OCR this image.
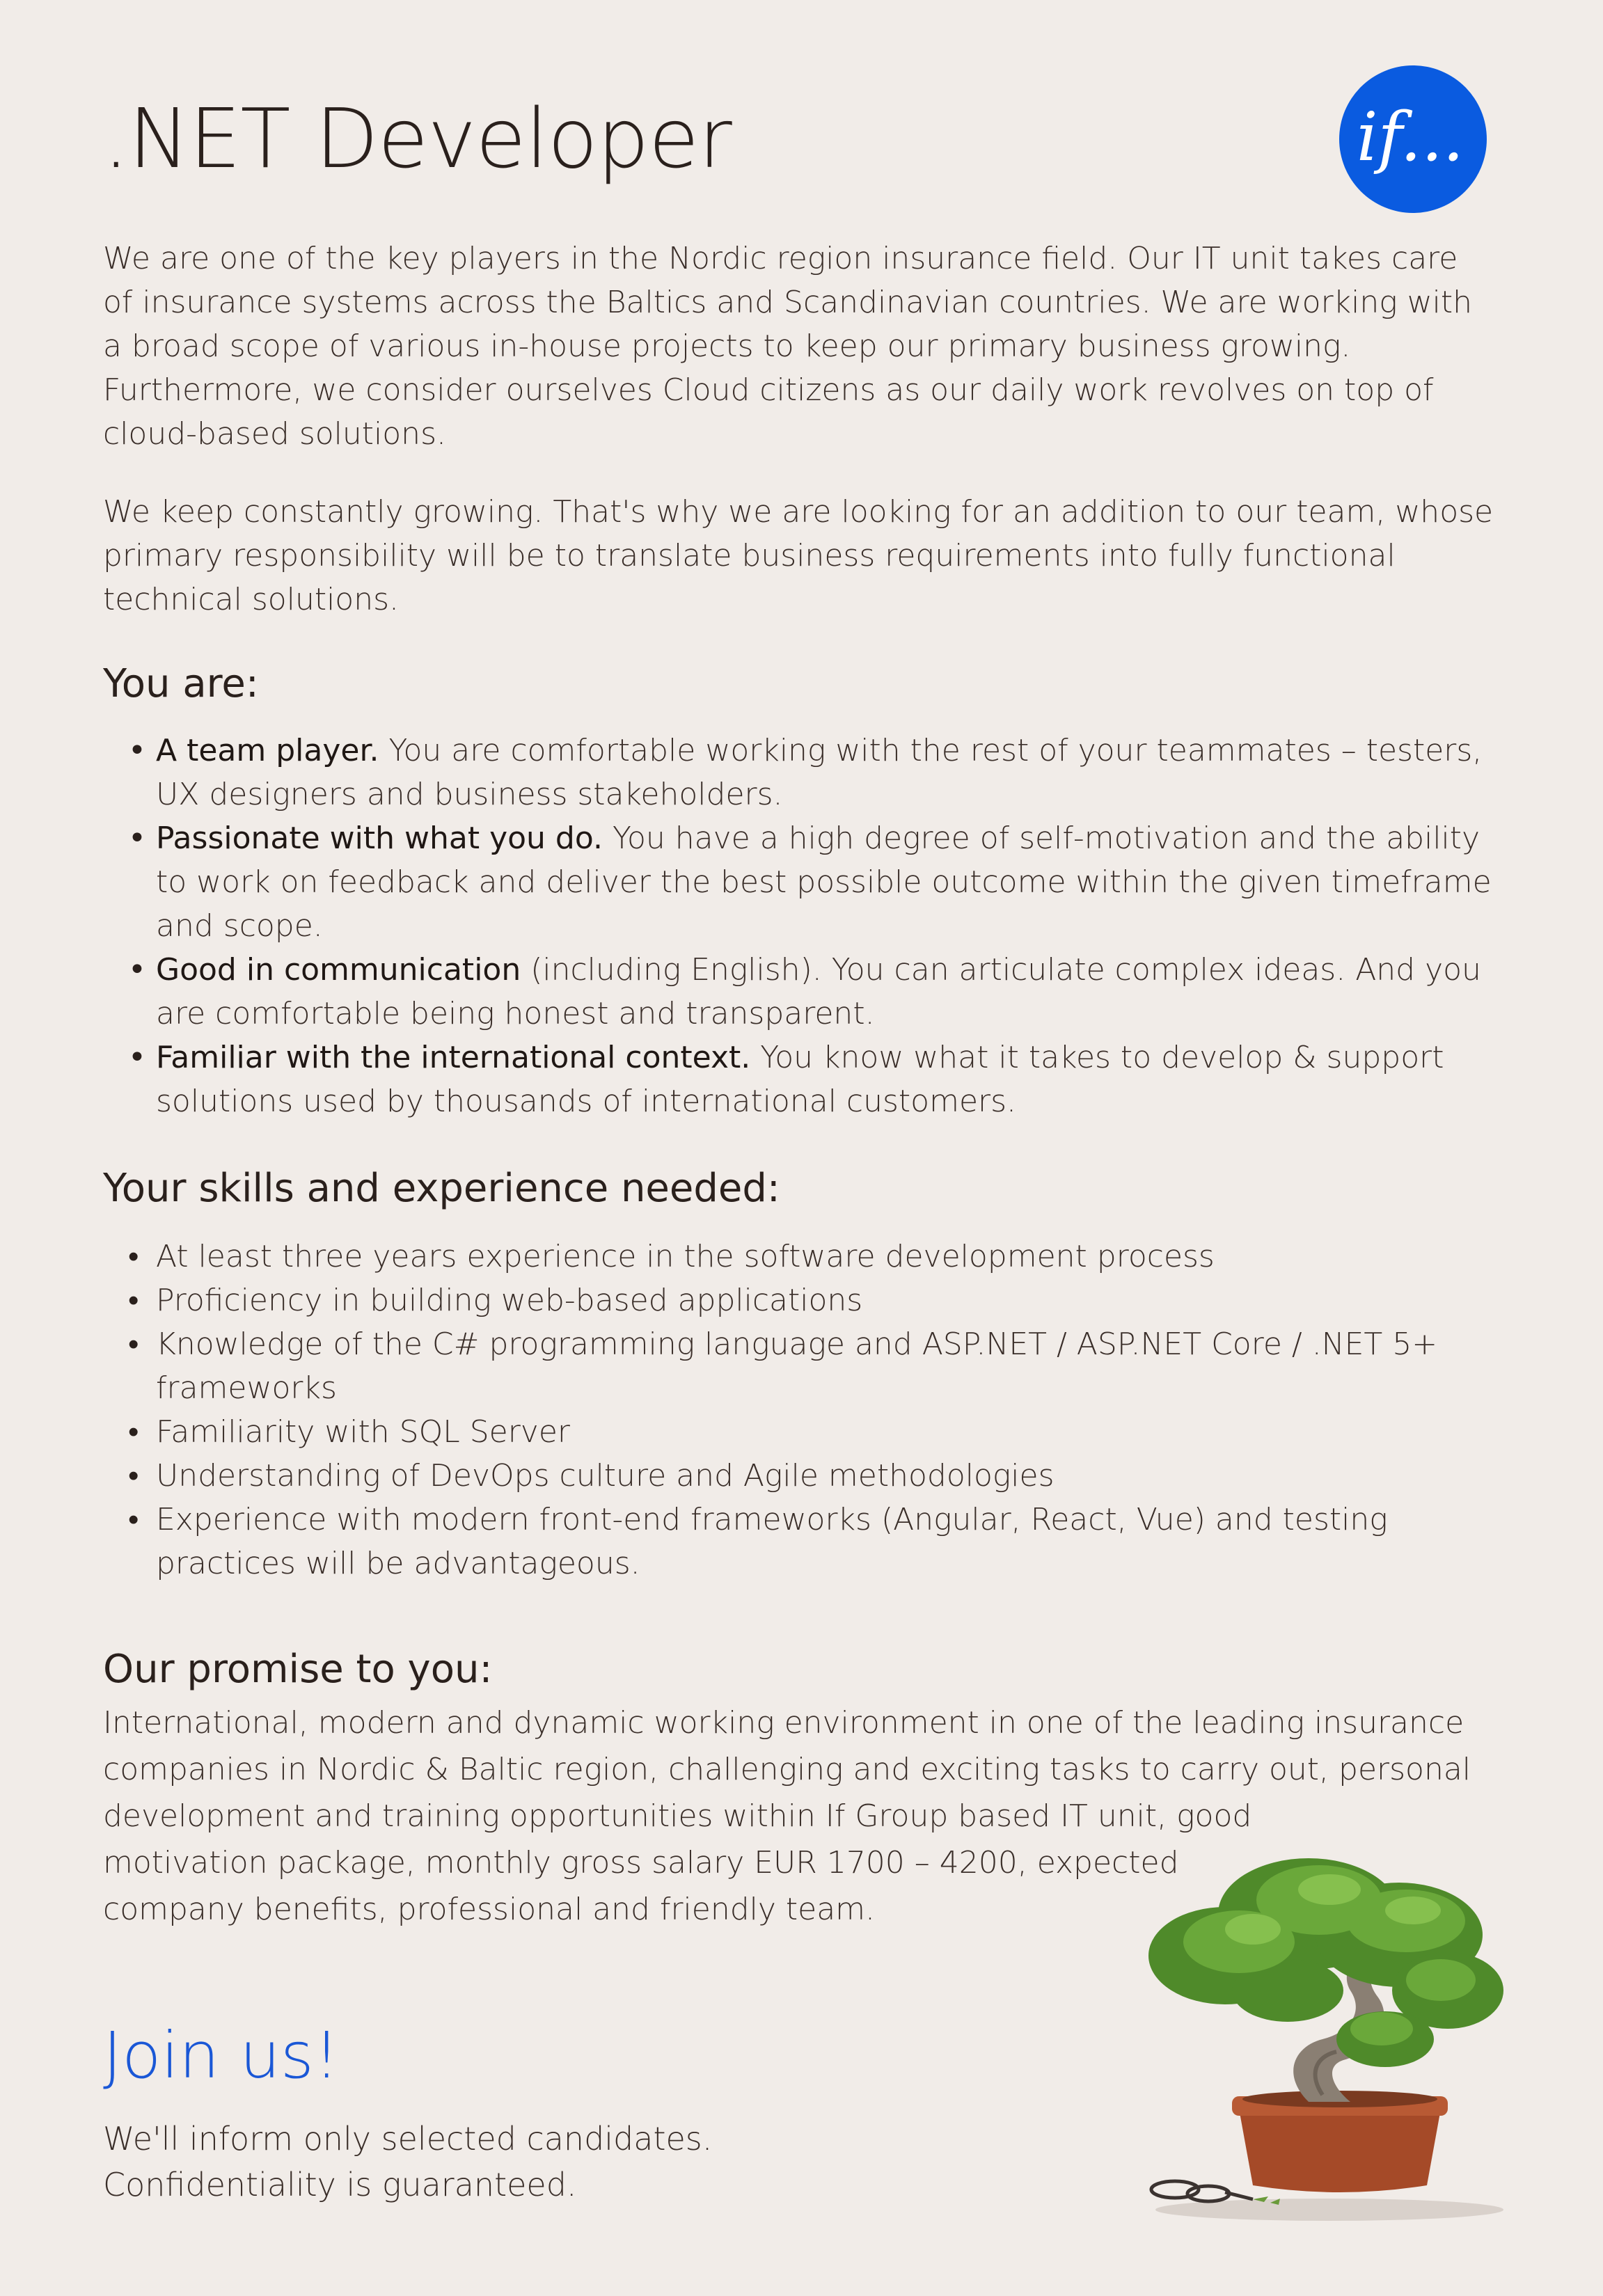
.NET Developer	if...

We are one of the key players in the Nordic region insurance field. Our IT unit takes care of insurance systems across the Baltics and Scandinavian countries. We are working with a broad scope of various in-house projects to keep our primary business growing. Furthermore, we consider ourselves Cloud citizens as our daily work revolves on top of cloud-based solutions.

We keep constantly growing. That's why we are looking for an addition to our team, whose primary responsibility will be to translate business requirements into fully functional technical solutions.

You are:
• A team player. You are comfortable working with the rest of your teammates – testers, UX designers and business stakeholders.
• Passionate with what you do. You have a high degree of self-motivation and the ability to work on feedback and deliver the best possible outcome within the given timeframe and scope.
• Good in communication (including English). You can articulate complex ideas. And you are comfortable being honest and transparent.
• Familiar with the international context. You know what it takes to develop & support solutions used by thousands of international customers.
Your skills and experience needed:
• At least three years experience in the software development process
• Proficiency in building web-based applications
• Knowledge of the C# programming language and ASP.NET / ASP.NET Core / .NET 5+ frameworks
• Familiarity with SQL Server
• Understanding of DevOps culture and Agile methodologies
• Experience with modern front-end frameworks (Angular, React, Vue) and testing practices will be advantageous.
Our promise to you:

International, modern and dynamic working environment in one of the leading insurance

companies in Nordic & Baltic region, challenging and exciting tasks to carry out, personal

development and training opportunities within If Group based IT unit, good

motivation package, monthly gross salary EUR 1700 – 4200, expected

company benefits, professional and friendly team.

Join us!

We'll inform only selected candidates.

Confidentiality is guaranteed.
